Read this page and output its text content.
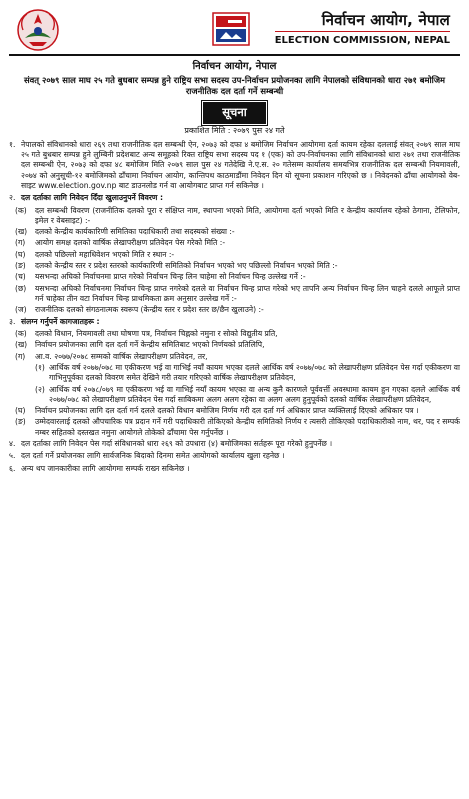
निर्वाचन आयोग, नेपाल
ELECTION COMMISSION, NEPAL
निर्वाचन आयोग, नेपाल
संवत् २०७९ साल माघ २५ गते बुधबार सम्पन्न हुने राष्ट्रिय सभा सदस्य उप-निर्वाचन प्रयोजनका लागि नेपालको संविधानको धारा २७१ बमोजिम राजनीतिक दल दर्ता गर्ने सम्बन्धी
सूचना
प्रकाशित मिति : २०७९ पुस २४ गते
१. नेपालको संविधानको धारा २६९ तथा राजनीतिक दल सम्बन्धी ऐन, २०७३ को दफा ४ बमोजिम निर्वाचन आयोगमा दर्ता कायम रहेका दललाई संवत् २०७९ साल माघ २५ गते बुधबार सम्पन्न हुने लुम्बिनी प्रदेशबाट अन्य समूहको रिक्त राष्ट्रिय सभा सदस्य पद १ (एक) को उप-निर्वाचनका लागि संविधानको धारा २७१ तथा राजनीतिक दल सम्बन्धी ऐन, २०७३ को दफा ४८ बमोजिम मिति २०७९ साल पुस २४ गतेदेखि ने.ए.स. २० गतेसम्म कार्यालय समयभित्र राजनीतिक दल सम्बन्धी नियमावली, २०७४ को अनुसूची-१२ बमोजिमको ढाँचामा निर्वाचन आयोग, कान्तिपथ काठमाडौंमा निवेदन दिन यो सूचना प्रकाशन गरिएको छ । निवेदनको ढाँचा आयोगको वेब-साइट www.election.gov.np बाट डाउनलोड गर्न वा आयोगबाट प्राप्त गर्न सकिनेछ ।
२. दल दर्ताका लागि निवेदन दिँदा खुलाउनुपर्ने विवरण :
(क) दल सम्बन्धी विवरण (राजनीतिक दलको पूरा र संक्षिप्त नाम, स्थापना भएको मिति, आयोगमा दर्ता भएको मिति र केन्द्रीय कार्यालय रहेको ठेगाना, टेलिफोन, इमेल र वेबसाइट) :-
(ख) दलको केन्द्रीय कार्यकारिणी समितिका पदाधिकारी तथा सदस्यको संख्या :-
(ग) आयोग समक्ष दलको वार्षिक लेखापरीक्षण प्रतिवेदन पेस गरेको मिति :-
(घ) दलको पछिल्लो महाधिवेशन भएको मिति र स्थान :-
(ङ) दलको केन्द्रीय स्तर र प्रदेश स्तरको कार्यकारिणी समितिको निर्वाचन भएको भए पछिल्लो निर्वाचन भएको मिति :-
(च) यसभन्दा अघिको निर्वाचनमा प्राप्त गरेको निर्वाचन चिन्ह लिन चाहेमा सो निर्वाचन चिन्ह उल्लेख गर्ने :-
(छ) यसभन्दा अघिको निर्वाचनमा निर्वाचन चिन्ह प्राप्त नगरेको दलले वा निर्वाचन चिन्ह प्राप्त गरेको भए तापनि अन्य निर्वाचन चिन्ह लिन चाहने दलले आफूले प्राप्त गर्न चाहेका तीन वटा निर्वाचन चिन्ह प्राथमिकता क्रम अनुसार उल्लेख गर्ने :-
(ज) राजनीतिक दलको संगठनात्मक स्वरूप (केन्द्रीय स्तर र प्रदेश स्तर छ/छैन खुलाउने) :-
३. संलग्न गर्नुपर्ने कागजातहरू :
(क) दलको विधान, नियमावली तथा घोषणा पत्र, निर्वाचन चिह्नको नमुना र सोको विद्युतीय प्रति,
(ख) निर्वाचन प्रयोजनका लागि दल दर्ता गर्ने केन्द्रीय समितिबाट भएको निर्णयको प्रतिलिपि,
(ग) आ.व. २०७७/२०७८ सम्मको वार्षिक लेखापरीक्षण प्रतिवेदन, तर,
(१) आर्थिक वर्ष २०७७/०७८ मा एकीकरण भई वा गाभिई नयाँ कायम भएका दलले आर्थिक वर्ष २०७७/०७८ को लेखापरीक्षण प्रतिवेदन पेस गर्दा एकीकरण वा गाभिनुपूर्वका दलको विवरण समेत देखिने गरी तयार गरिएको वार्षिक लेखापरीक्षण प्रतिवेदन,
(२) आर्थिक वर्ष २०७८/०७९ मा एकीकरण भई वा गाभिई नयाँ कायम भएका वा अन्य कुनै कारणले पूर्ववर्त्ती अवस्थामा कायम हुन गएका दलले आर्थिक वर्ष २०७७/०७८ को लेखापरीक्षण प्रतिवेदन पेस गर्दा साबिकमा अलग अलग रहेका वा अलग अलग हुनुपूर्वको दलको वार्षिक लेखापरीक्षण प्रतिवेदन,
(घ) निर्वाचन प्रयोजनका लागि दल दर्ता गर्न दलले दलको विधान बमोजिम निर्णय गरी दल दर्ता गर्न अधिकार प्राप्त व्यक्तिलाई दिएको अधिकार पत्र ।
(ङ) उम्मेदवारलाई दलको औपचारिक पत्र प्रदान गर्ने गरी पदाधिकारी तोकिएको केन्द्रीय समितिको निर्णय र त्यसरी तोकिएको पदाधिकारीको नाम, थर, पद र सम्पर्क नम्बर सहितको दस्तखत नमुना आयोगले तोकेको ढाँचामा पेस गर्नुपर्नेछ ।
४. दल दर्ताका लागि निवेदन पेस गर्दा संविधानको धारा २६९ को उपधारा (४) बमोजिमका सर्तहरू पूरा गरेको हुनुपर्नेछ ।
५. दल दर्ता गर्ने प्रयोजनका लागि सार्वजनिक बिदाको दिनमा समेत आयोगको कार्यालय खुला रहनेछ ।
६. अन्य थप जानकारीका लागि आयोगमा सम्पर्क राख्न सकिनेछ ।
